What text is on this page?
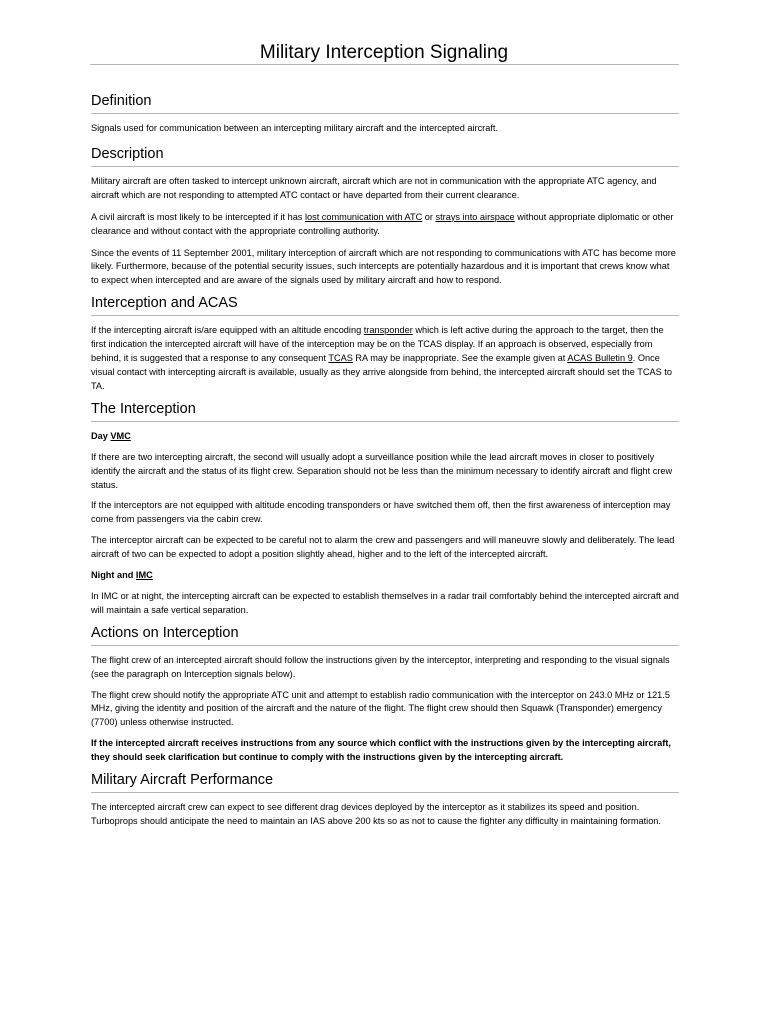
Military Interception Signaling
Definition

Signals used for communication between an intercepting military aircraft and the intercepted aircraft.

Description

Military aircraft are often tasked to intercept unknown aircraft, aircraft which are not in communication with the appropriate ATC agency, and aircraft which are not responding to attempted ATC contact or have departed from their current clearance.

A civil aircraft is most likely to be intercepted if it has lost communication with ATC or strays into airspace without appropriate diplomatic or other clearance and without contact with the appropriate controlling authority.

Since the events of 11 September 2001, military interception of aircraft which are not responding to communications with ATC has become more likely. Furthermore, because of the potential security issues, such intercepts are potentially hazardous and it is important that crews know what to expect when intercepted and are aware of the signals used by military aircraft and how to respond.

Interception and ACAS

If the intercepting aircraft is/are equipped with an altitude encoding transponder which is left active during the approach to the target, then the first indication the intercepted aircraft will have of the interception may be on the TCAS display. If an approach is observed, especially from behind, it is suggested that a response to any consequent TCAS RA may be inappropriate. See the example given at ACAS Bulletin 9. Once visual contact with intercepting aircraft is available, usually as they arrive alongside from behind, the intercepted aircraft should set the TCAS to TA.

The Interception

Day VMC

If there are two intercepting aircraft, the second will usually adopt a surveillance position while the lead aircraft moves in closer to positively identify the aircraft and the status of its flight crew. Separation should not be less than the minimum necessary to identify aircraft and flight crew status.

If the interceptors are not equipped with altitude encoding transponders or have switched them off, then the first awareness of interception may come from passengers via the cabin crew.

The interceptor aircraft can be expected to be careful not to alarm the crew and passengers and will maneuvre slowly and deliberately. The lead aircraft of two can be expected to adopt a position slightly ahead, higher and to the left of the intercepted aircraft.

Night and IMC

In IMC or at night, the intercepting aircraft can be expected to establish themselves in a radar trail comfortably behind the intercepted aircraft and will maintain a safe vertical separation.

Actions on Interception

The flight crew of an intercepted aircraft should follow the instructions given by the interceptor, interpreting and responding to the visual signals (see the paragraph on Interception signals below).

The flight crew should notify the appropriate ATC unit and attempt to establish radio communication with the interceptor on 243.0 MHz or 121.5 MHz, giving the identity and position of the aircraft and the nature of the flight. The flight crew should then Squawk (Transponder) emergency (7700) unless otherwise instructed.

If the intercepted aircraft receives instructions from any source which conflict with the instructions given by the intercepting aircraft, they should seek clarification but continue to comply with the instructions given by the intercepting aircraft.

Military Aircraft Performance

The intercepted aircraft crew can expect to see different drag devices deployed by the interceptor as it stabilizes its speed and position. Turboprops should anticipate the need to maintain an IAS above 200 kts so as not to cause the fighter any difficulty in maintaining formation.
